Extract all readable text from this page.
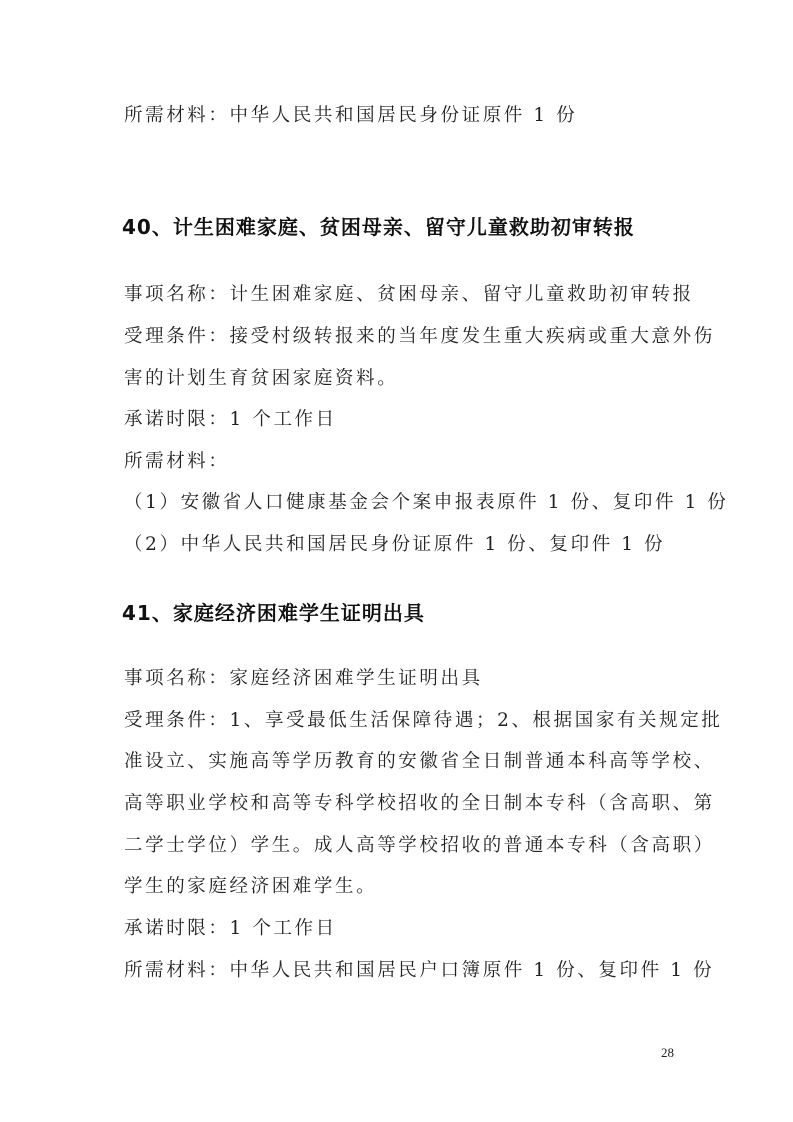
所需材料：中华人民共和国居民身份证原件 1 份
40、计生困难家庭、贫困母亲、留守儿童救助初审转报
事项名称：计生困难家庭、贫困母亲、留守儿童救助初审转报
受理条件：接受村级转报来的当年度发生重大疾病或重大意外伤
害的计划生育贫困家庭资料。
承诺时限：1 个工作日
所需材料：
（1）安徽省人口健康基金会个案申报表原件 1 份、复印件 1 份
（2）中华人民共和国居民身份证原件 1 份、复印件 1 份
41、家庭经济困难学生证明出具
事项名称：家庭经济困难学生证明出具
受理条件：1、享受最低生活保障待遇；2、根据国家有关规定批
准设立、实施高等学历教育的安徽省全日制普通本科高等学校、
高等职业学校和高等专科学校招收的全日制本专科（含高职、第
二学士学位）学生。成人高等学校招收的普通本专科（含高职）
学生的家庭经济困难学生。
承诺时限：1 个工作日
所需材料：中华人民共和国居民户口簿原件 1 份、复印件 1 份
28
